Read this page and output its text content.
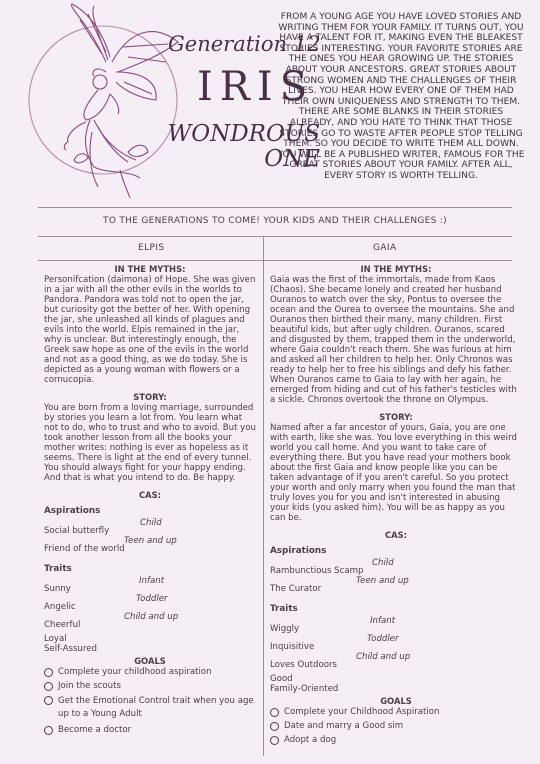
Generation 12
IRIS
WONDROUS
ONE
FROM A YOUNG AGE YOU HAVE LOVED STORIES AND WRITING THEM FOR YOUR FAMILY. IT TURNS OUT, YOU HAVE A TALENT FOR IT, MAKING EVEN THE BLEAKEST STORIES INTERESTING. YOUR FAVORITE STORIES ARE THE ONES YOU HEAR GROWING UP. THE STORIES ABOUT YOUR ANCESTORS. GREAT STORIES ABOUT STRONG WOMEN AND THE CHALLENGES OF THEIR LIVES. YOU HEAR HOW EVERY ONE OF THEM HAD THEIR OWN UNIQUENESS AND STRENGTH TO THEM. THERE ARE SOME BLANKS IN THEIR STORIES ALREADY, AND YOU HATE TO THINK THAT THOSE STORIES GO TO WASTE AFTER PEOPLE STOP TELLING THEM. SO YOU DECIDE TO WRITE THEM ALL DOWN. YOU WILL BE A PUBLISHED WRITER, FAMOUS FOR THE GREAT STORIES ABOUT YOUR FAMILY. AFTER ALL, EVERY STORY IS WORTH TELLING.
TO THE GENERATIONS TO COME! YOUR KIDS AND THEIR CHALLENGES :)
ELPIS	GAIA
IN THE MYTHS:
Personifcation (daimona) of Hope. She was given in a jar with all the other evils in the worlds to Pandora. Pandora was told not to open the jar, but curiosity got the better of her. With opening the jar, she unleashed all kinds of plagues and evils into the world. Elpis remained in the jar, why is unclear. But interestingly enough, the Greek saw hope as one of the evils in the world and not as a good thing, as we do today. She is depicted as a young woman with flowers or a cornucopia.
STORY:
You are born from a loving marriage, surrounded by stories you learn a lot from. You learn what not to do, who to trust and who to avoid. But you took another lesson from all the books your mother writes: nothing is ever as hopeless as it seems. There is light at the end of every tunnel. You should always fight for your happy ending. And that is what you intend to do. Be happy.
CAS:
Aspirations
Child
Social butterfly
Teen and up
Friend of the world
Traits
Infant
Sunny
Toddler
Angelic
Child and up
Cheerful
Loyal
Self-Assured
GOALS
Complete your childhood aspiration
Join the scouts
Get the Emotional Control trait when you age up to a Young Adult
Become a doctor
IN THE MYTHS:
Gaia was the first of the immortals, made from Kaos (Chaos). She became lonely and created her husband Ouranos to watch over the sky, Pontus to oversee the ocean and the Ourea to oversee the mountains. She and Ouranos then birthed their many, many children. First beautiful kids, but after ugly children. Ouranos, scared and disgusted by them, trapped them in the underworld, where Gaia couldn't reach them. She was furious at him and asked all her children to help her. Only Chronos was ready to help her to free his siblings and defy his father. When Ouranos came to Gaia to lay with her again, he emerged from hiding and cut of his father's testicles with a sickle. Chronos overtook the throne on Olympus.
STORY:
Named after a far ancestor of yours, Gaia, you are one with earth, like she was. You love everything in this weird world you call home. And you want to take care of everything there. But you have read your mothers book about the first Gaia and know people like you can be taken advantage of if you aren't careful. So you protect your worth and only marry when you found the man that truly loves you for you and isn't interested in abusing your kids (you asked him). You will be as happy as you can be.
CAS:
Aspirations
Child
Rambunctious Scamp
Teen and up
The Curator
Traits
Infant
Wiggly
Toddler
Inquisitive
Child and up
Loves Outdoors
Good
Family-Oriented
GOALS
Complete your Childhood Aspiration
Date and marry a Good sim
Adopt a dog
